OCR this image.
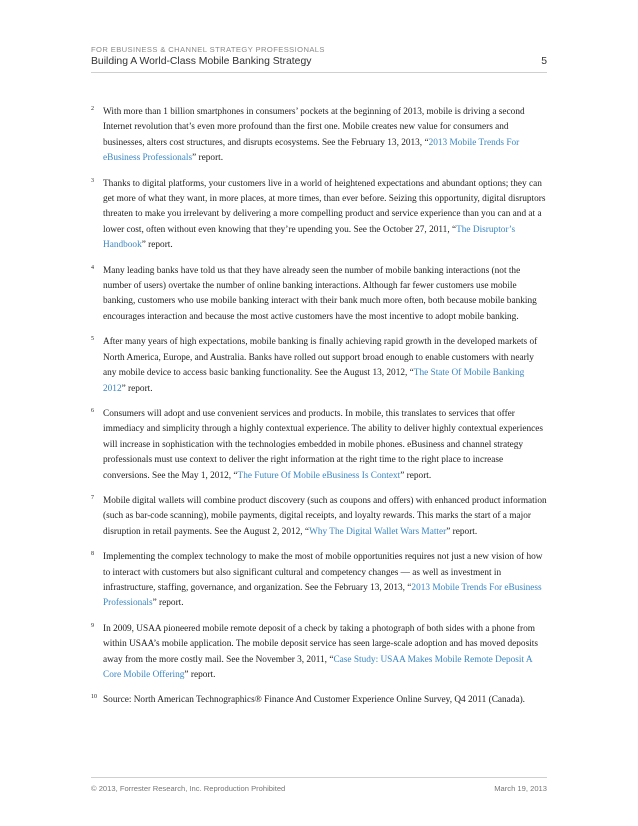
FOR EBUSINESS & CHANNEL STRATEGY PROFESSIONALS
Building A World-Class Mobile Banking Strategy	5
2 With more than 1 billion smartphones in consumers’ pockets at the beginning of 2013, mobile is driving a second Internet revolution that’s even more profound than the first one. Mobile creates new value for consumers and businesses, alters cost structures, and disrupts ecosystems. See the February 13, 2013, “2013 Mobile Trends For eBusiness Professionals” report.
3 Thanks to digital platforms, your customers live in a world of heightened expectations and abundant options; they can get more of what they want, in more places, at more times, than ever before. Seizing this opportunity, digital disruptors threaten to make you irrelevant by delivering a more compelling product and service experience than you can and at a lower cost, often without even knowing that they’re upending you. See the October 27, 2011, “The Disruptor’s Handbook” report.
4 Many leading banks have told us that they have already seen the number of mobile banking interactions (not the number of users) overtake the number of online banking interactions. Although far fewer customers use mobile banking, customers who use mobile banking interact with their bank much more often, both because mobile banking encourages interaction and because the most active customers have the most incentive to adopt mobile banking.
5 After many years of high expectations, mobile banking is finally achieving rapid growth in the developed markets of North America, Europe, and Australia. Banks have rolled out support broad enough to enable customers with nearly any mobile device to access basic banking functionality. See the August 13, 2012, “The State Of Mobile Banking 2012” report.
6 Consumers will adopt and use convenient services and products. In mobile, this translates to services that offer immediacy and simplicity through a highly contextual experience. The ability to deliver highly contextual experiences will increase in sophistication with the technologies embedded in mobile phones. eBusiness and channel strategy professionals must use context to deliver the right information at the right time to the right place to increase conversions. See the May 1, 2012, “The Future Of Mobile eBusiness Is Context” report.
7 Mobile digital wallets will combine product discovery (such as coupons and offers) with enhanced product information (such as bar-code scanning), mobile payments, digital receipts, and loyalty rewards. This marks the start of a major disruption in retail payments. See the August 2, 2012, “Why The Digital Wallet Wars Matter” report.
8 Implementing the complex technology to make the most of mobile opportunities requires not just a new vision of how to interact with customers but also significant cultural and competency changes — as well as investment in infrastructure, staffing, governance, and organization. See the February 13, 2013, “2013 Mobile Trends For eBusiness Professionals” report.
9 In 2009, USAA pioneered mobile remote deposit of a check by taking a photograph of both sides with a phone from within USAA’s mobile application. The mobile deposit service has seen large-scale adoption and has moved deposits away from the more costly mail. See the November 3, 2011, “Case Study: USAA Makes Mobile Remote Deposit A Core Mobile Offering” report.
10 Source: North American Technographics® Finance And Customer Experience Online Survey, Q4 2011 (Canada).
© 2013, Forrester Research, Inc. Reproduction Prohibited	March 19, 2013
